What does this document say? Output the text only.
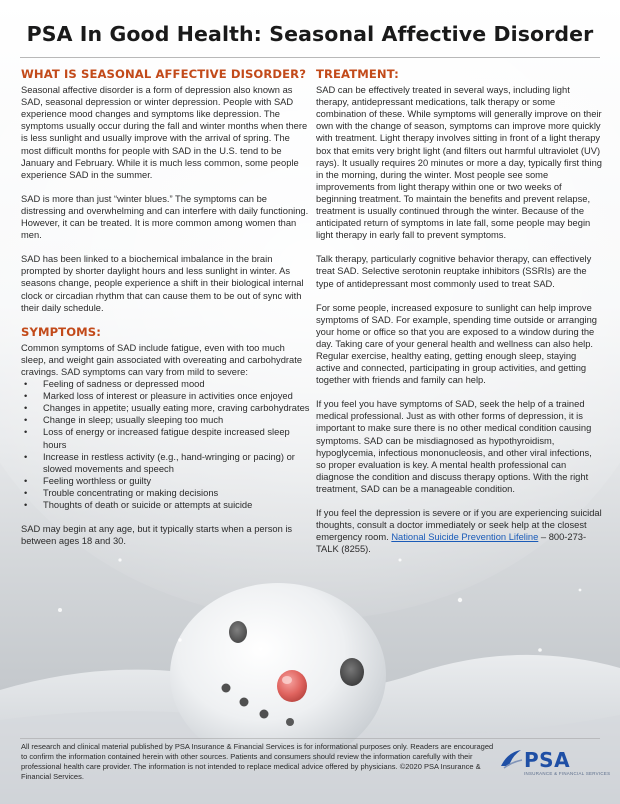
PSA In Good Health: Seasonal Affective Disorder
WHAT IS SEASONAL AFFECTIVE DISORDER?

Seasonal affective disorder is a form of depression also known as SAD, seasonal depression or winter depression. People with SAD experience mood changes and symptoms like depression. The symptoms usually occur during the fall and winter months when there is less sunlight and usually improve with the arrival of spring. The most difficult months for people with SAD in the U.S. tend to be January and February. While it is much less common, some people experience SAD in the summer.

SAD is more than just “winter blues.” The symptoms can be distressing and overwhelming and can interfere with daily functioning. However, it can be treated. It is more common among women than men.

SAD has been linked to a biochemical imbalance in the brain prompted by shorter daylight hours and less sunlight in winter. As seasons change, people experience a shift in their biological internal clock or circadian rhythm that can cause them to be out of sync with their daily schedule.

SYMPTOMS:

Common symptoms of SAD include fatigue, even with too much sleep, and weight gain associated with overeating and carbohydrate cravings. SAD symptoms can vary from mild to severe:

• Feeling of sadness or depressed mood
• Marked loss of interest or pleasure in activities once enjoyed
• Changes in appetite; usually eating more, craving carbohydrates
• Change in sleep; usually sleeping too much
• Loss of energy or increased fatigue despite increased sleep hours
• Increase in restless activity (e.g., hand-wringing or pacing) or slowed movements and speech
• Feeling worthless or guilty
• Trouble concentrating or making decisions
• Thoughts of death or suicide or attempts at suicide

SAD may begin at any age, but it typically starts when a person is between ages 18 and 30.

TREATMENT:

SAD can be effectively treated in several ways, including light therapy, antidepressant medications, talk therapy or some combination of these. While symptoms will generally improve on their own with the change of season, symptoms can improve more quickly with treatment. Light therapy involves sitting in front of a light therapy box that emits very bright light (and filters out harmful ultraviolet (UV) rays). It usually requires 20 minutes or more a day, typically first thing in the morning, during the winter. Most people see some improvements from light therapy within one or two weeks of beginning treatment. To maintain the benefits and prevent relapse, treatment is usually continued through the winter. Because of the anticipated return of symptoms in late fall, some people may begin light therapy in early fall to prevent symptoms.

Talk therapy, particularly cognitive behavior therapy, can effectively treat SAD. Selective serotonin reuptake inhibitors (SSRIs) are the type of antidepressant most commonly used to treat SAD.

For some people, increased exposure to sunlight can help improve symptoms of SAD. For example, spending time outside or arranging your home or office so that you are exposed to a window during the day. Taking care of your general health and wellness can also help. Regular exercise, healthy eating, getting enough sleep, staying active and connected, participating in group activities, and getting together with friends and family can help.

If you feel you have symptoms of SAD, seek the help of a trained medical professional. Just as with other forms of depression, it is important to make sure there is no other medical condition causing symptoms. SAD can be misdiagnosed as hypothyroidism, hypoglycemia, infectious mononucleosis, and other viral infections, so proper evaluation is key. A mental health professional can diagnose the condition and discuss therapy options. With the right treatment, SAD can be a manageable condition.

If you feel the depression is severe or if you are experiencing suicidal thoughts, consult a doctor immediately or seek help at the closest emergency room. National Suicide Prevention Lifeline – 800-273-TALK (8255).

All research and clinical material published by PSA Insurance & Financial Services is for informational purposes only. Readers are encouraged to confirm the information contained herein with other sources. Patients and consumers should review the information carefully with their professional health care provider. The information is not intended to replace medical advice offered by physicians. ©2020 PSA Insurance & Financial Services.
PSA
INSURANCE & FINANCIAL SERVICES
